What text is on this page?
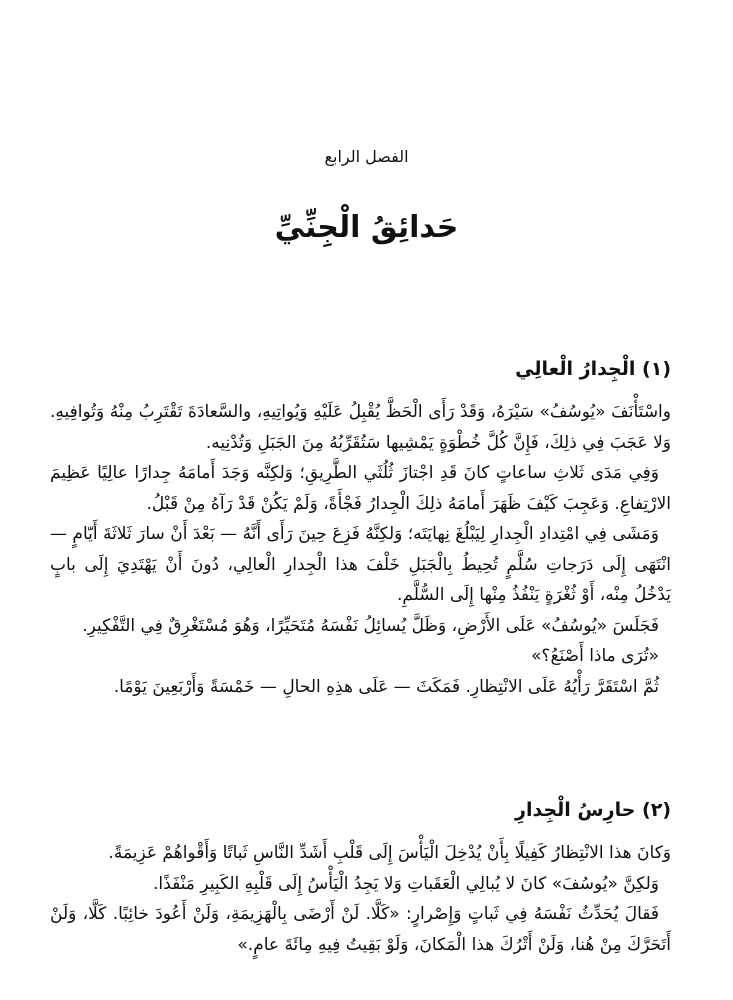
الفصل الرابع
حَدائِقُ الْجِنِّيِّ
(١) الْجِدارُ الْعالِي

واسْتَأْنَفَ «يُوسُفُ» سَيْرَهُ، وَقَدْ رَأَى الْحَظَّ يُقْبِلُ عَلَيْهِ وَيُواتِيهِ، والسَّعادَةَ تَقْتَرِبُ مِنْهُ وَتُوافِيهِ. وَلا عَجَبَ فِي ذلِكَ، فَإِنَّ كُلَّ خُطْوَةٍ يَمْشِيها سَتُقَرِّبُهُ مِنَ الجَبَلِ وَتُدْنِيه.

وَفِي مَدَى ثَلاثِ ساعاتٍ كانَ قَدِ اجْتازَ ثُلُثَي الطَّرِيقِ؛ وَلكِنَّه وَجَدَ أَمامَهُ جِدارًا عالِيًا عَظِيمَ الارْتِفاعِ. وَعَجِبَ كَيْفَ ظَهَرَ أَمامَهُ ذلِكَ الْجِدارُ فَجْأَةً، وَلَمْ يَكُنْ قَدْ رَآهُ مِنْ قَبْلُ.

وَمَشَى فِي امْتِدادِ الْجِدارِ لِيَبْلُغَ نِهايَتَه؛ وَلكِنَّهُ فَزِعَ حِينَ رَأَى أَنَّهُ — بَعْدَ أَنْ سارَ ثَلاثَةَ أَيّامٍ — انْتَهَى إِلَى دَرَجاتِ سُلَّمٍ تُحِيطُ بِالْجَبَلِ خَلْفَ هذا الْجِدارِ الْعالِي، دُونَ أَنْ يَهْتَدِيَ إِلَى بابٍ يَدْخُلُ مِنْه، أَوْ ثُغْرَةٍ يَنْفُذُ مِنْها إِلَى السُّلَّمِ.

فَجَلَسَ «يُوسُفُ» عَلَى الأَرْضِ، وَظَلَّ يُسائِلُ نَفْسَهُ مُتَحَيِّرًا، وَهُوَ مُسْتَغْرِقٌ فِي التَّفْكِيرِ.

«تُرَى ماذا أَصْنَعُ؟»

ثُمَّ اسْتَقَرَّ رَأْيُهُ عَلَى الانْتِظارِ. فَمَكَثَ — عَلَى هذِهِ الحالِ — خَمْسَةً وَأَرْبَعِينَ يَوْمًا.

(٢) حارِسُ الْجِدارِ

وَكانَ هذا الانْتِظارُ كَفِيلًا بِأَنْ يُدْخِلَ الْيَأْسَ إِلَى قَلْبِ أَشَدِّ النَّاسِ ثَباتًا وَأَقْواهُمْ عَزِيمَةً.

وَلكِنَّ «يُوسُفَ» كانَ لا يُبالِي الْعَقَباتِ وَلا يَجِدُ الْيَأْسُ إِلَى قَلْبِهِ الكَبِيرِ مَنْفَذًا.

فَقالَ يُحَدِّثُ نَفْسَهُ فِي ثَباتٍ وَإِصْرارٍ: «كَلَّا. لَنْ أَرْضَى بِالْهَزِيمَةِ، وَلَنْ أَعُودَ خائِبًا. كَلَّا، وَلَنْ أَتَحَرَّكَ مِنْ هُنا، وَلَنْ أَتْرُكَ هذا الْمَكانَ، وَلَوْ بَقِيتُ فِيهِ مِائَةَ عامٍ.»
